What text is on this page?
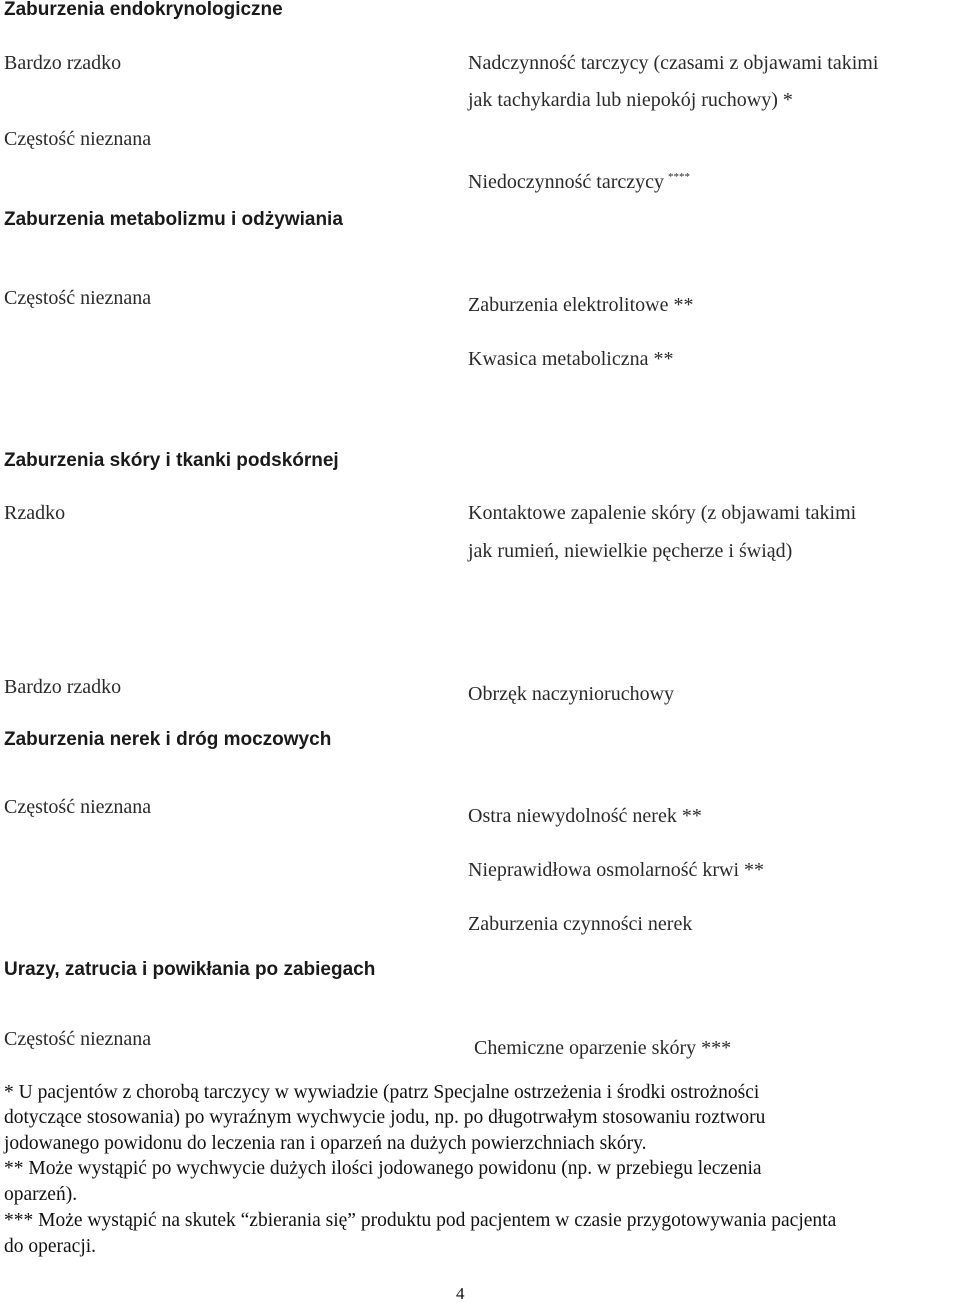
Zaburzenia endokrynologiczne
Zaburzenia metabolizmu i odżywiania
Zaburzenia skóry i tkanki podskórnej
Zaburzenia nerek i dróg moczowych
Urazy, zatrucia i powikłania po zabiegach
Bardzo rzadko
Częstość nieznana
Częstość nieznana
Rzadko
Bardzo rzadko
Częstość nieznana
Częstość nieznana
Nadczynność tarczycy (czasami z objawami takimi
jak tachykardia lub niepokój ruchowy) *
Niedoczynność tarczycy ****
Zaburzenia elektrolitowe **
Kwasica metaboliczna **
Kontaktowe zapalenie skóry (z objawami takimi
jak rumień, niewielkie pęcherze i świąd)
Obrzęk naczynioruchowy
Ostra niewydolność nerek **
Nieprawidłowa osmolarność krwi **
Zaburzenia czynności nerek
Chemiczne oparzenie skóry ***
* U pacjentów z chorobą tarczycy w wywiadzie (patrz Specjalne ostrzeżenia i środki ostrożności
dotyczące stosowania) po wyraźnym wychwycie jodu, np. po długotrwałym stosowaniu roztworu
jodowanego powidonu do leczenia ran i oparzeń na dużych powierzchniach skóry.
** Może wystąpić po wychwycie dużych ilości jodowanego powidonu (np. w przebiegu leczenia
oparzeń).
*** Może wystąpić na skutek “zbierania się” produktu pod pacjentem w czasie przygotowywania pacjenta
do operacji.
4
